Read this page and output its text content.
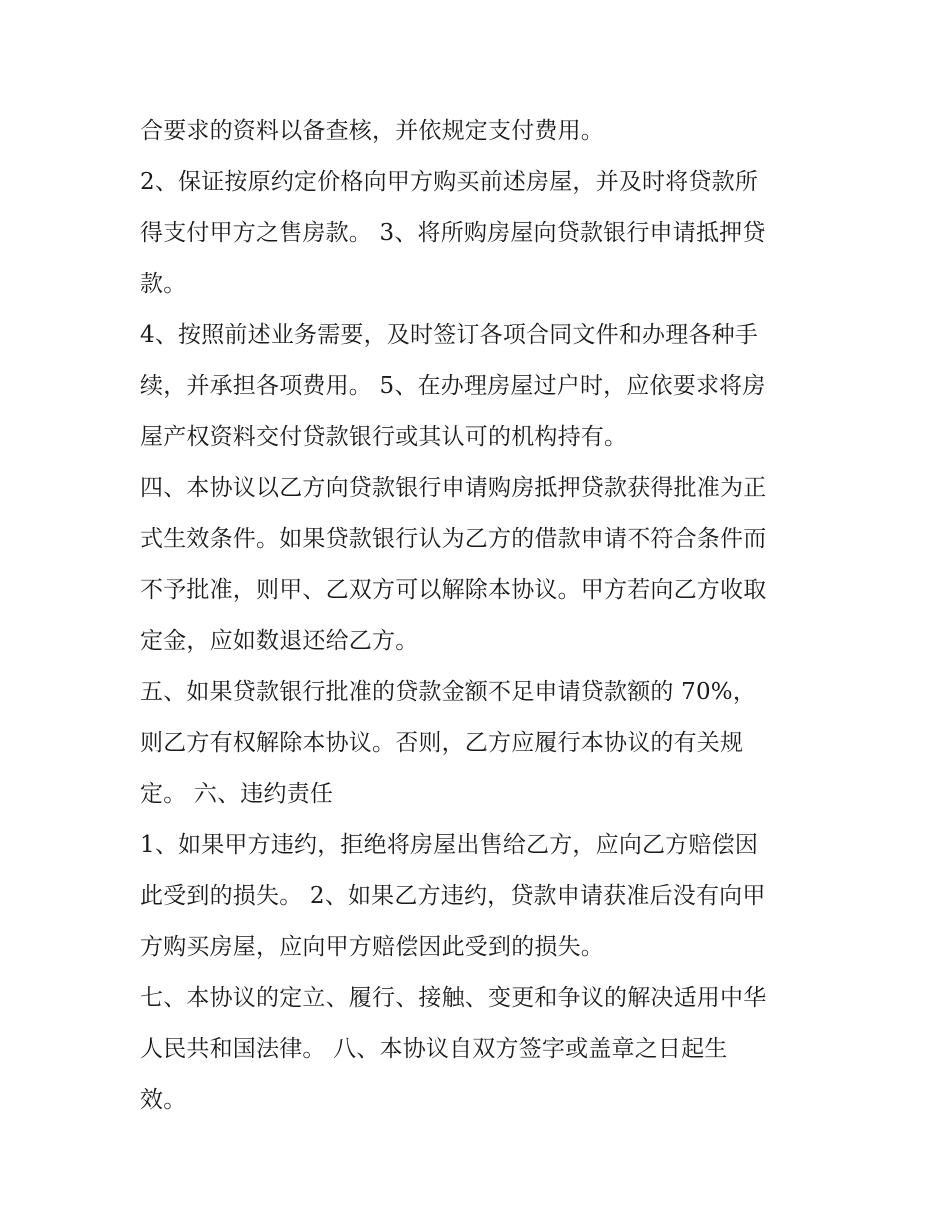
合要求的资料以备查核，并依规定支付费用。
2、保证按原约定价格向甲方购买前述房屋，并及时将贷款所
得支付甲方之售房款。 3、将所购房屋向贷款银行申请抵押贷
款。
4、按照前述业务需要，及时签订各项合同文件和办理各种手
续，并承担各项费用。 5、在办理房屋过户时，应依要求将房
屋产权资料交付贷款银行或其认可的机构持有。
四、本协议以乙方向贷款银行申请购房抵押贷款获得批准为正
式生效条件。如果贷款银行认为乙方的借款申请不符合条件而
不予批准，则甲、乙双方可以解除本协议。甲方若向乙方收取
定金，应如数退还给乙方。
五、如果贷款银行批准的贷款金额不足申请贷款额的 70%，
则乙方有权解除本协议。否则，乙方应履行本协议的有关规
定。 六、违约责任
1、如果甲方违约，拒绝将房屋出售给乙方，应向乙方赔偿因
此受到的损失。 2、如果乙方违约，贷款申请获准后没有向甲
方购买房屋，应向甲方赔偿因此受到的损失。
七、本协议的定立、履行、接触、变更和争议的解决适用中华
人民共和国法律。 八、本协议自双方签字或盖章之日起生
效。
